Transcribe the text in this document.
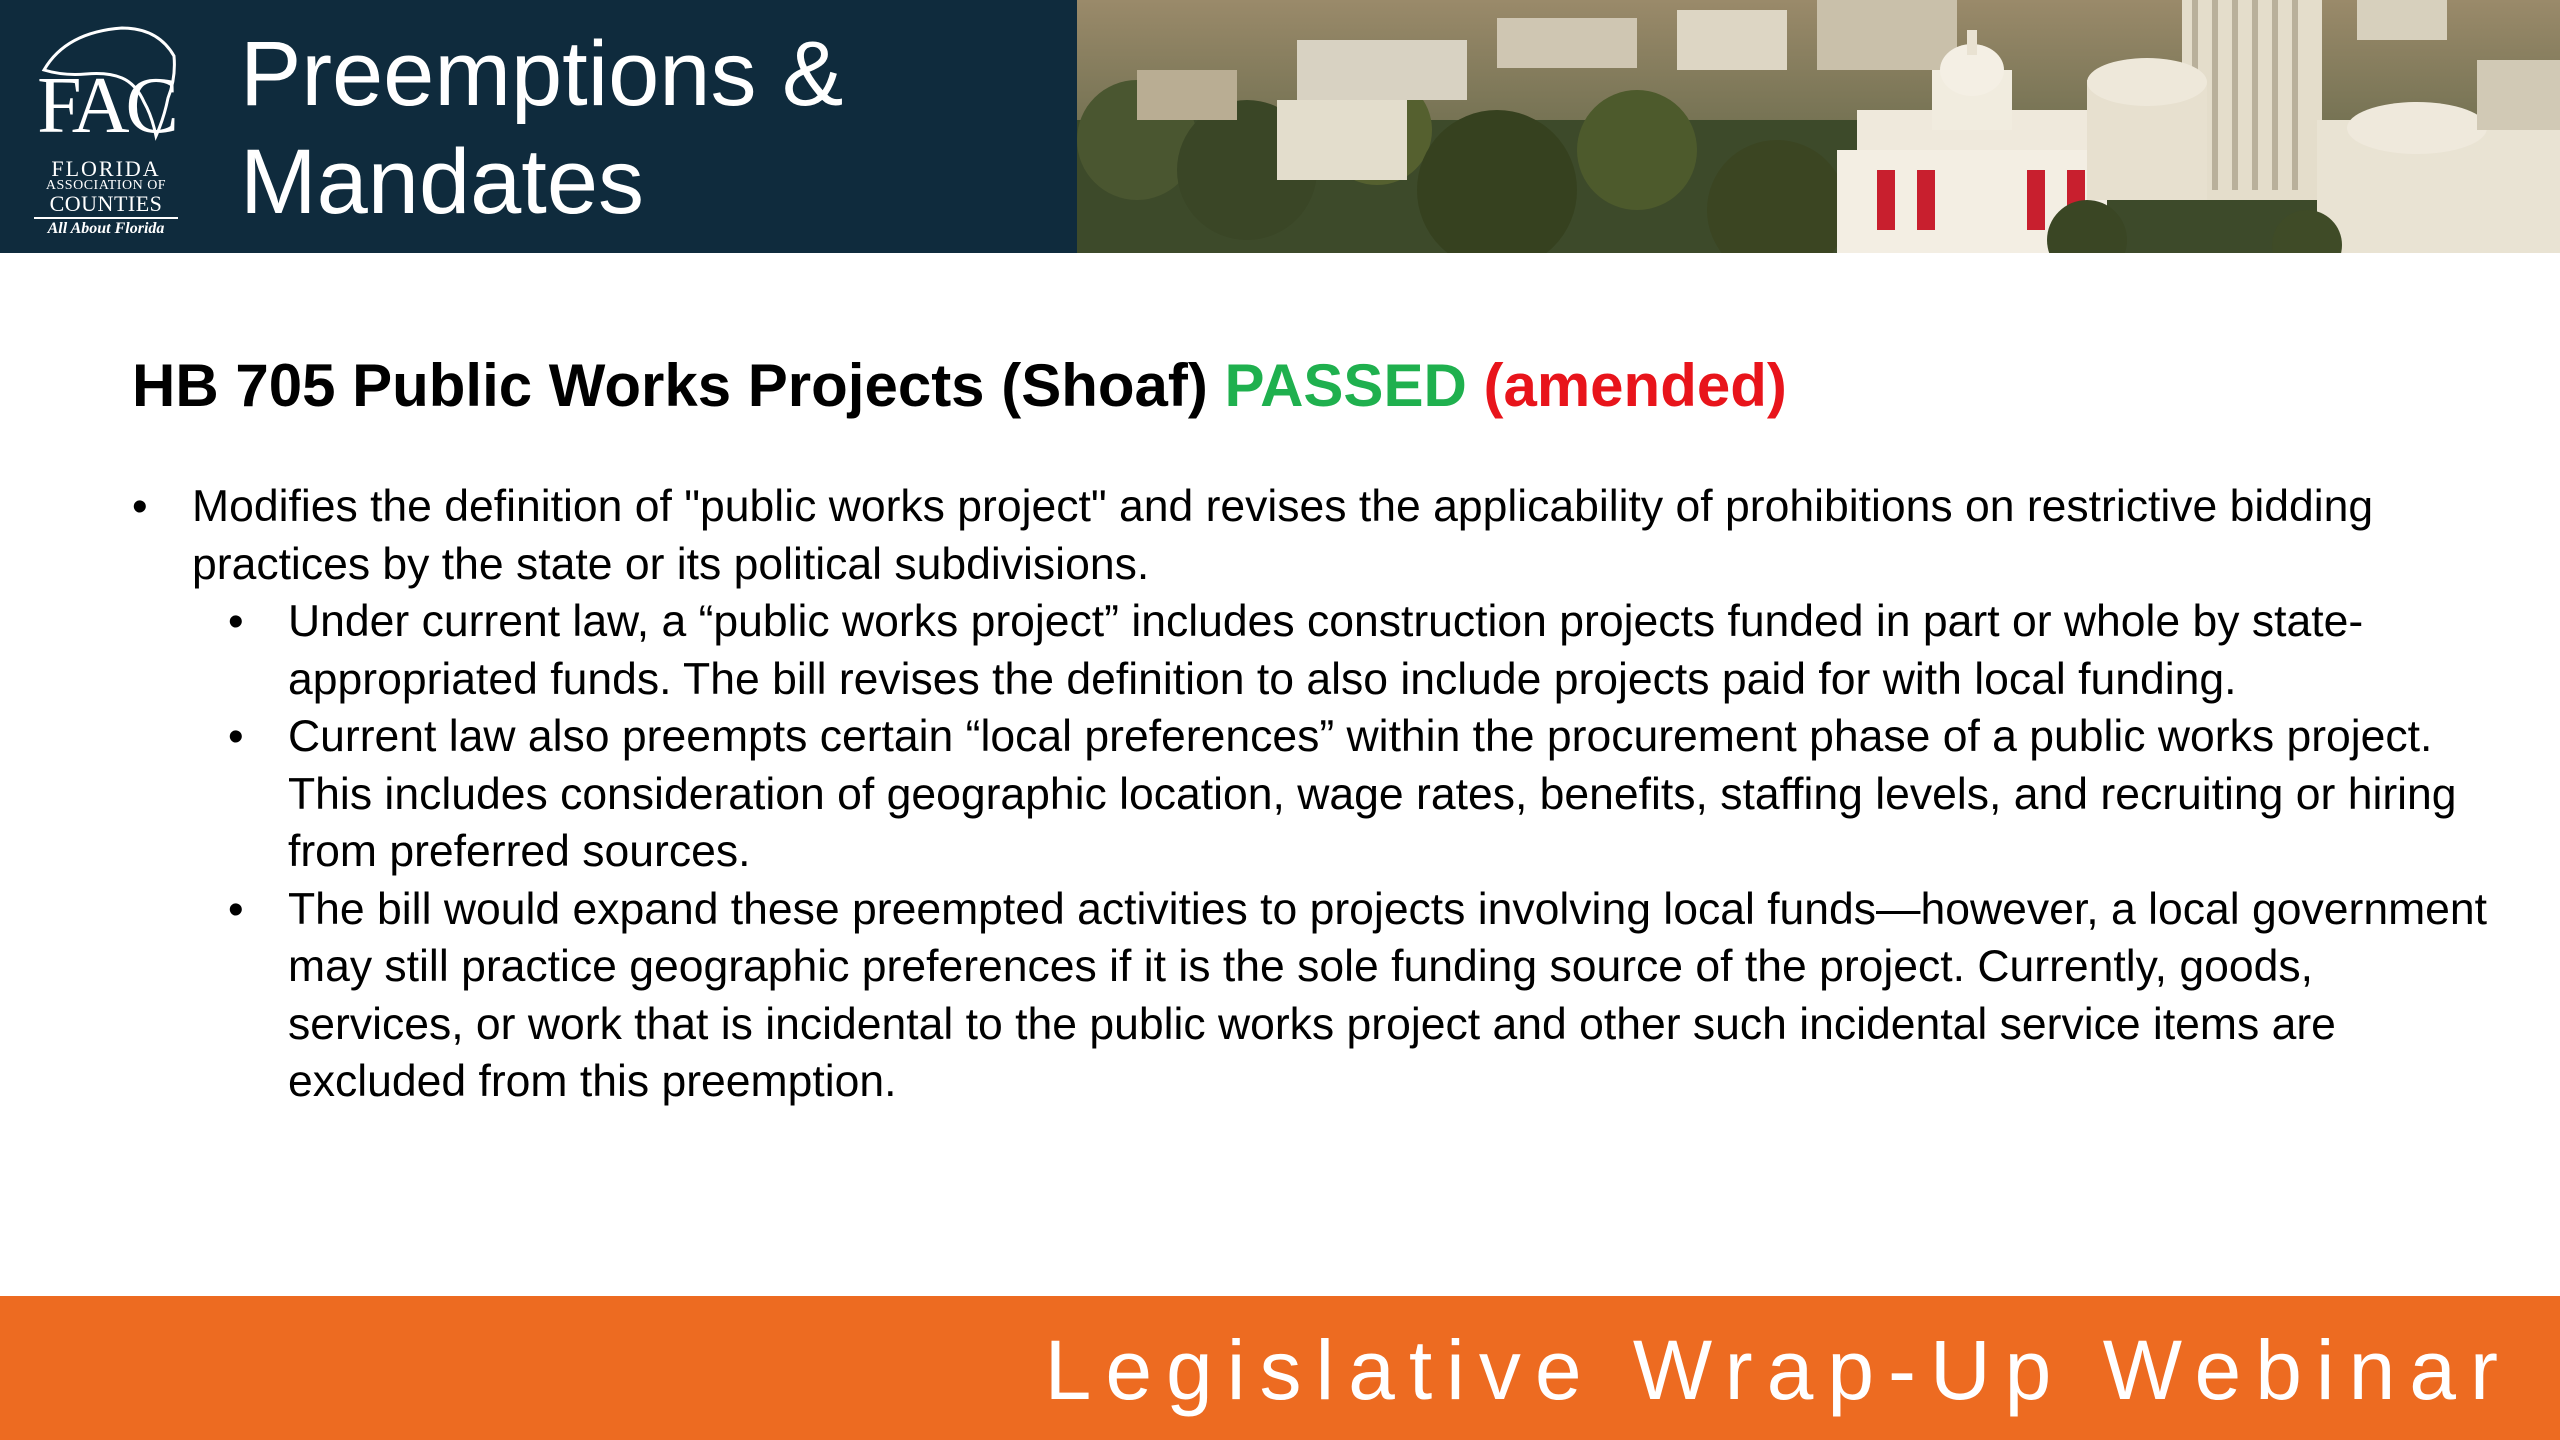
FAC
FLORIDA
ASSOCIATION OF
COUNTIES
All About Florida
Preemptions &
Mandates
HB 705 Public Works Projects (Shoaf) PASSED (amended)
• Modifies the definition of "public works project" and revises the applicability of prohibitions on restrictive bidding practices by the state or its political subdivisions.
• Under current law, a “public works project” includes construction projects funded in part or whole by state-appropriated funds. The bill revises the definition to also include projects paid for with local funding.
• Current law also preempts certain “local preferences” within the procurement phase of a public works project. This includes consideration of geographic location, wage rates, benefits, staffing levels, and recruiting or hiring from preferred sources.
• The bill would expand these preempted activities to projects involving local funds—however, a local government may still practice geographic preferences if it is the sole funding source of the project. Currently, goods, services, or work that is incidental to the public works project and other such incidental service items are excluded from this preemption.
Legislative Wrap-Up Webinar
